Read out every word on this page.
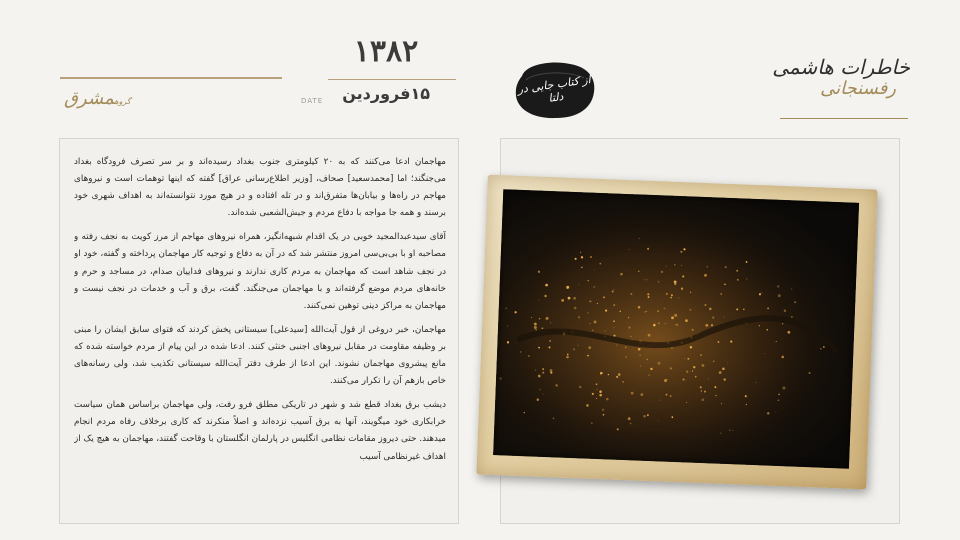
۱۳۸۲
۱۵فروردین
DATE
گروهمشرق
از کتاب جایی در دلتا
خاطرات هاشمی
رفسنجانی

مهاجمان ادعا می‌کنند که به ۲۰ کیلومتری جنوب بغداد رسیده‌اند و بر سر تصرف فرودگاه بغداد می‌جنگند؛ اما [محمدسعید] صحاف، [وزیر اطلاع‌رسانی عراق] گفته که اینها توهمات است و نیروهای مهاجم در راه‌ها و بیابان‌ها متفرق‌اند و در تله افتاده و در هیچ مورد نتوانسته‌اند به اهداف شهری خود برسند و همه جا مواجه با دفاع مردم و جیش‌الشعبی شده‌اند.

آقای سیدعبدالمجید خوبی در یک اقدام شبهه‌انگیز، همراه نیروهای مهاجم از مرز کویت به نجف رفته و مصاحبه او با بی‌بی‌سی امروز منتشر شد که در آن به دفاع و توجیه کار مهاجمان پرداخته و گفته، خود او در نجف شاهد است که مهاجمان به مردم کاری ندارند و نیروهای فداییان صدام، در مساجد و حرم و خانه‌های مردم موضع گرفته‌اند و با مهاجمان می‌جنگند. گفت، برق و آب و خدمات در نجف نیست و مهاجمان به مراکز دینی توهین نمی‌کنند.

مهاجمان، خبر دروغی از قول آیت‌الله [سیدعلی] سیستانی پخش کردند که فتوای سابق ایشان را مبنی بر وظیفه مقاومت در مقابل نیروهای اجنبی خنثی کنند. ادعا شده در این پیام از مردم خواسته شده که مانع پیشروی مهاجمان نشوند. این ادعا از طرف دفتر آیت‌الله سیستانی تکذیب شد، ولی رسانه‌های خاص بازهم آن را تکرار می‌کنند.

دیشب برق بغداد قطع شد و شهر در تاریکی مطلق فرو رفت، ولی مهاجمان براساس همان سیاست خرابکاری خود میگویند، آنها به برق آسیب نزده‌اند و اصلاً منکرند که کاری برخلاف رفاه مردم انجام میدهند. حتی دیروز مقامات نظامی انگلیس در پارلمان انگلستان با وقاحت گفتند، مهاجمان به هیچ یک از اهداف غیرنظامی آسیب
